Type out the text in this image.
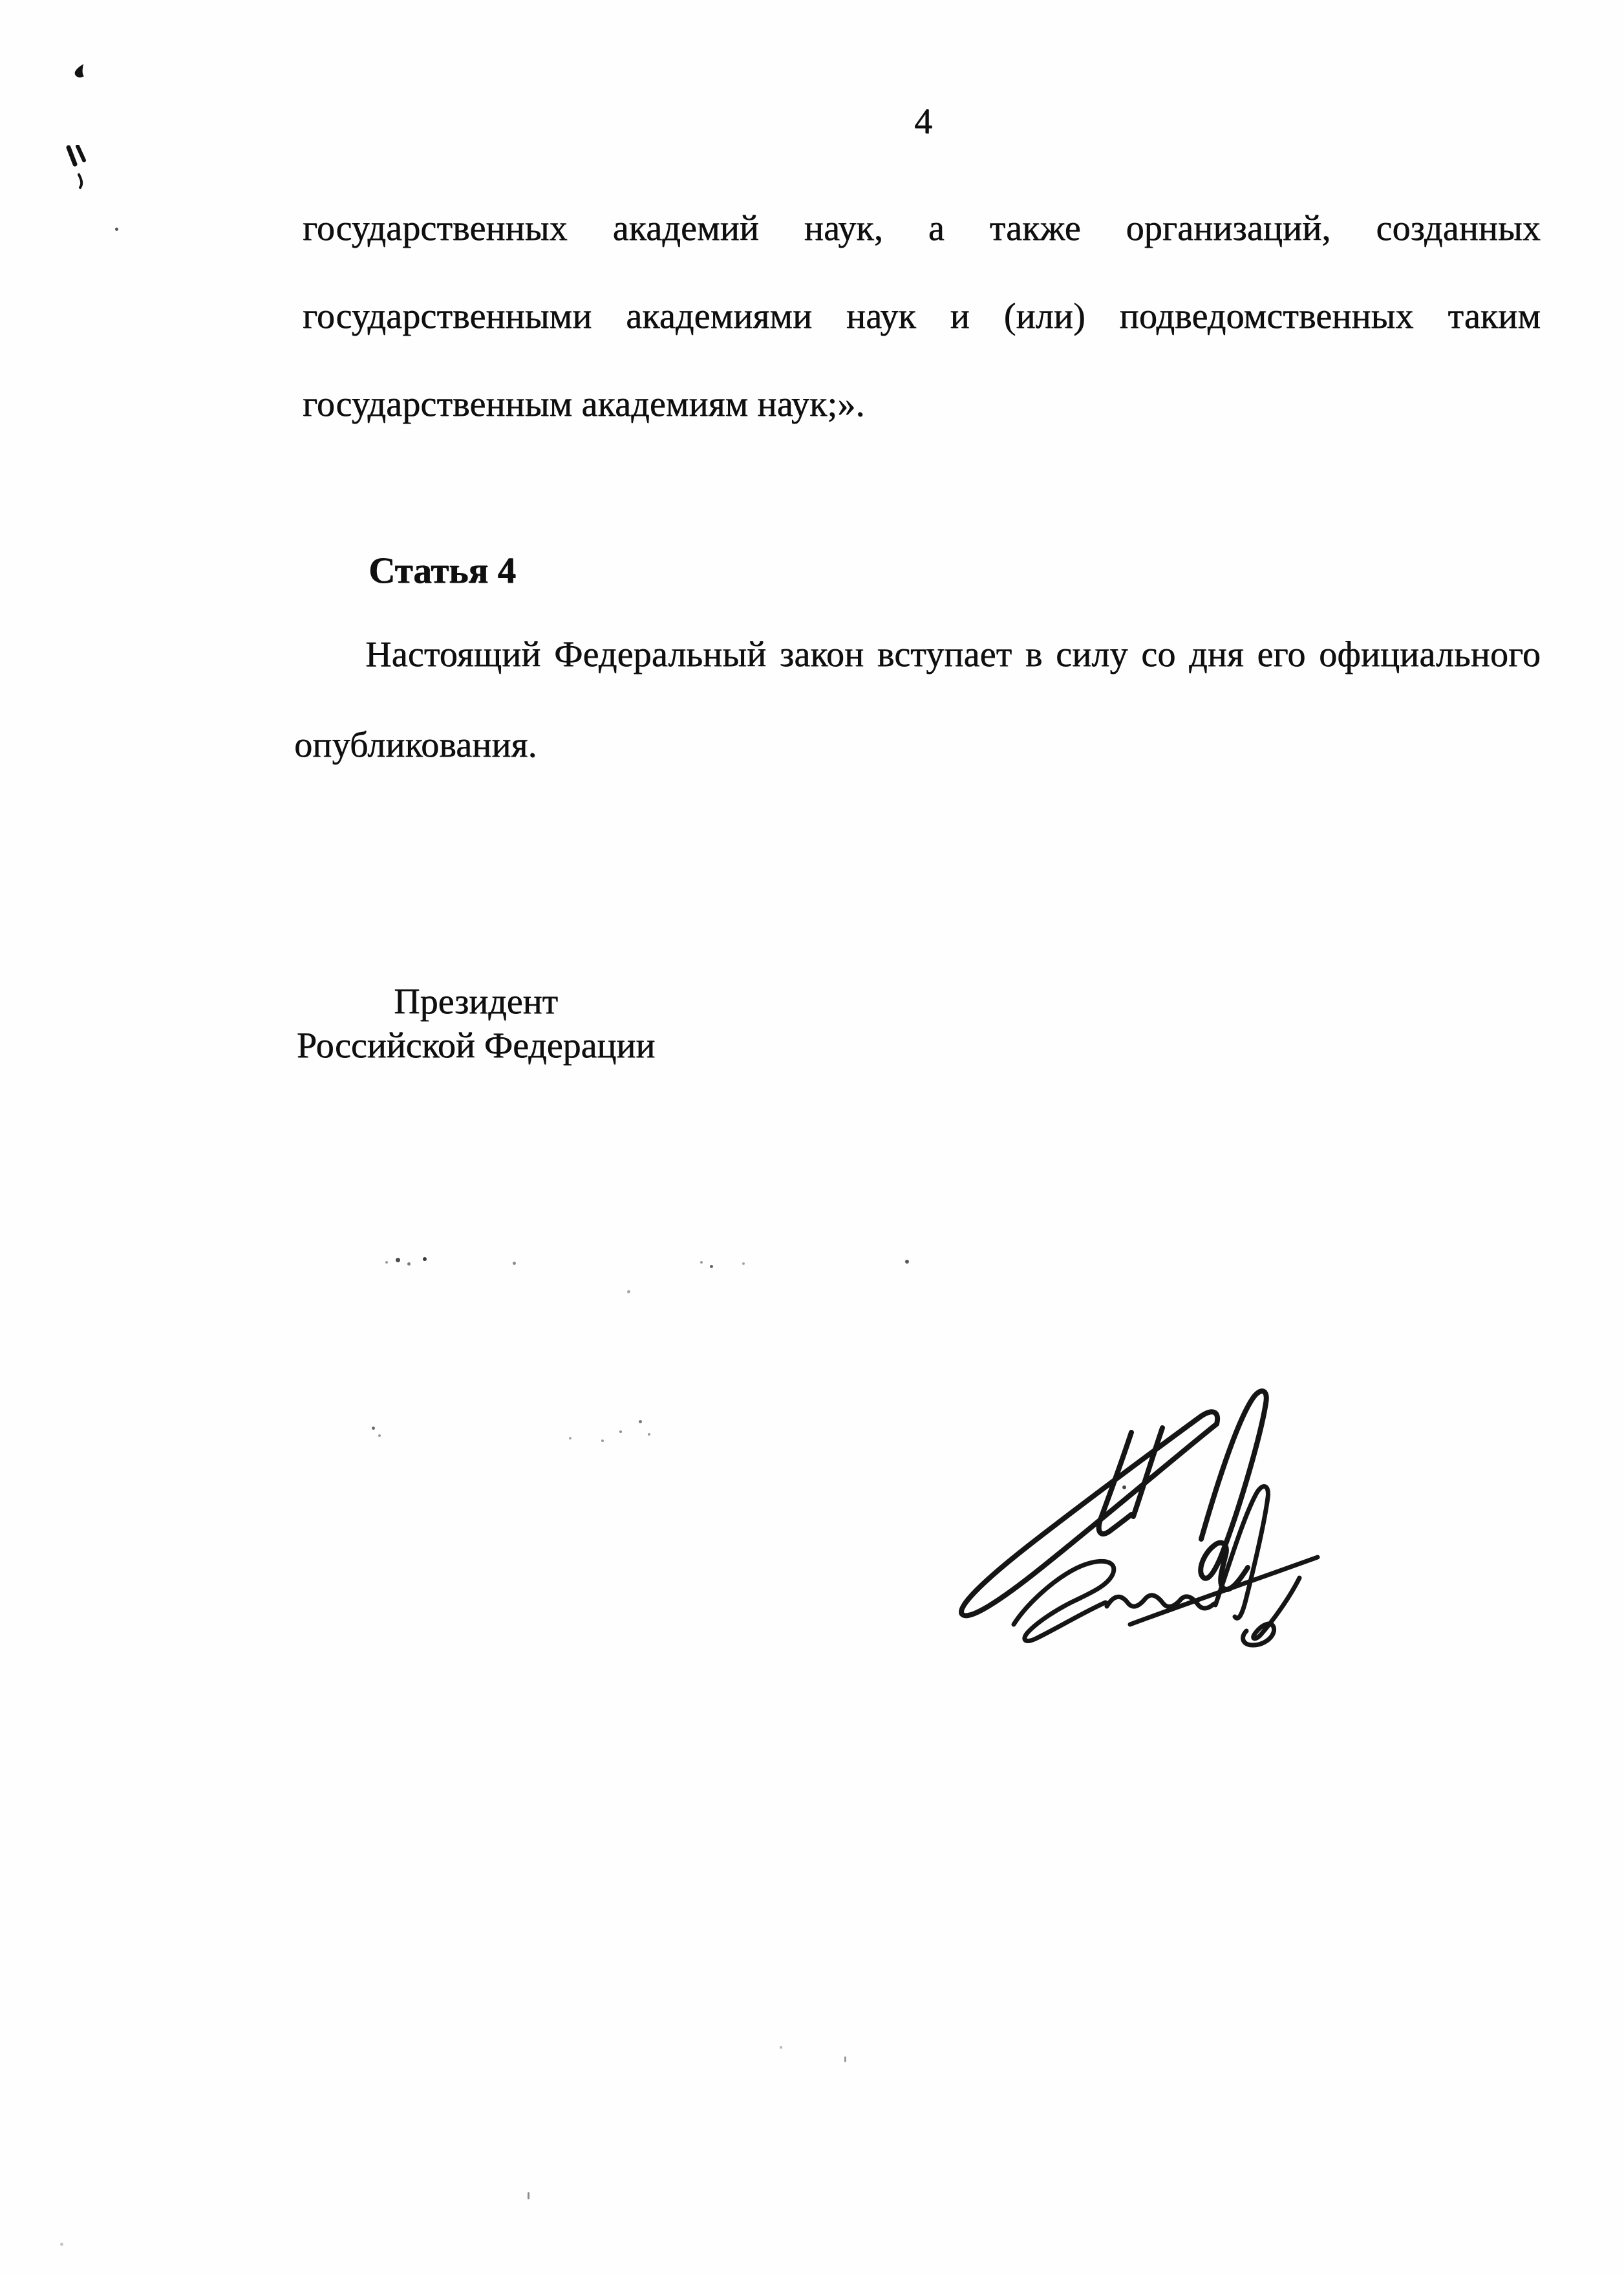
4
государственных академий наук, а также организаций, созданных
государственными академиями наук и (или) подведомственных таким
государственным академиям наук;».
Статья 4
Настоящий Федеральный закон вступает в силу со дня его официального
опубликования.
Президент
Российской Федерации
